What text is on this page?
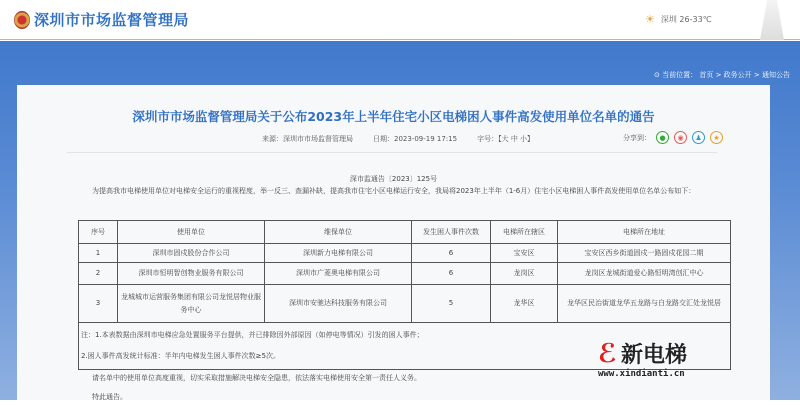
深圳市市场监督管理局	☀ 深圳 26-33℃
⊙ 当前位置： 首页 > 政务公开 > 通知公告
深圳市市场监督管理局关于公布2023年上半年住宅小区电梯困人事件高发使用单位名单的通告
来源：深圳市市场监督管理局	日期：2023-09-19 17:15	字号：【大 中 小】	分享到：	●	◉	♟	★
深市监通告〔2023〕125号
为提高我市电梯使用单位对电梯安全运行的重视程度，举一反三、查漏补缺，提高我市住宅小区电梯运行安全，我局将2023年上半年（1-6月）住宅小区电梯困人事件高发使用单位名单公布如下：
序号	使用单位	维保单位	发生困人事件次数	电梯所在辖区	电梯所在地址
1	深圳市固戍股份合作公司	深圳新力电梯有限公司	6	宝安区	宝安区西乡街道固戍一路固戍花园二期
2	深圳市恒明智创物业服务有限公司	深圳市广菱奥电梯有限公司	6	龙岗区	龙岗区龙城街道爱心路恒明湾创汇中心
3	龙城城市运营服务集团有限公司龙悦居物业服务中心	深圳市安驰达科技服务有限公司	5	龙华区	龙华区民治街道龙华五龙路与白龙路交汇处龙悦居

注：1.本表数据由深圳市电梯应急处置服务平台提供，并已排除因外部原因（如停电等情况）引发的困人事件；
2.困人事件高发统计标准：半年内电梯发生困人事件次数≥5次。					
请名单中的使用单位高度重视，切实采取措施解决电梯安全隐患，依法落实电梯使用安全第一责任人义务。
特此通告。
ℰ 新电梯
www.xindianti.cn
